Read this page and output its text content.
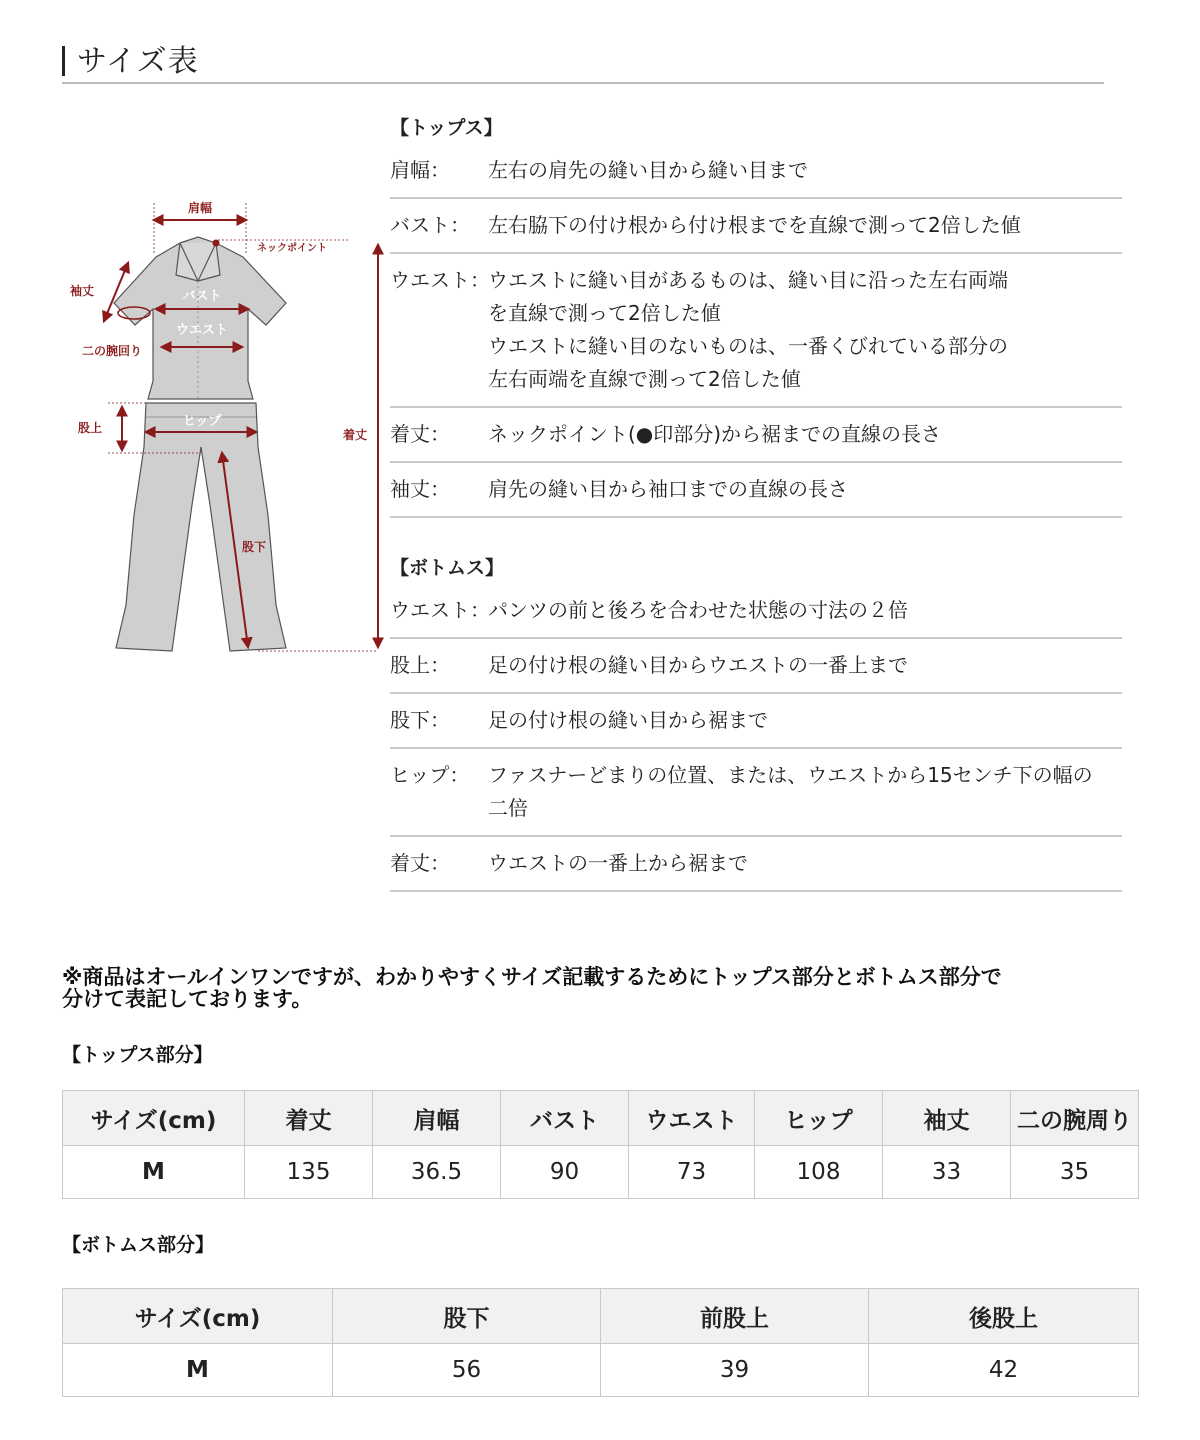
サイズ表
肩幅
ネックポイント
袖丈
二の腕回り
バスト
ウエスト
股上	ヒップ
股下
着丈
【トップス】
肩幅：	左右の肩先の縫い目から縫い目まで
バスト： 左右脇下の付け根から付け根までを直線で測って2倍した値
ウエスト：
ウエストに縫い目があるものは、縫い目に沿った左右両端
を直線で測って2倍した値
ウエストに縫い目のないものは、一番くびれている部分の
左右両端を直線で測って2倍した値
着丈：	ネックポイント(●印部分)から裾までの直線の長さ
袖丈：	肩先の縫い目から袖口までの直線の長さ
【ボトムス】
ウエスト：
パンツの前と後ろを合わせた状態の寸法の２倍
股上：	足の付け根の縫い目からウエストの一番上まで
股下：	足の付け根の縫い目から裾まで
ヒップ： ファスナーどまりの位置、または、ウエストから15センチ下の幅の
二倍
着丈：	ウエストの一番上から裾まで
※商品はオールインワンですが、わかりやすくサイズ記載するためにトップス部分とボトムス部分で
分けて表記しております。
【トップス部分】
サイズ(cm)	着丈	肩幅	バスト	ウエスト	ヒップ	袖丈	二の腕周り
M	135	36.5	90	73	108	33	35
【ボトムス部分】
サイズ(cm)	股下	前股上	後股上
M	56	39	42
